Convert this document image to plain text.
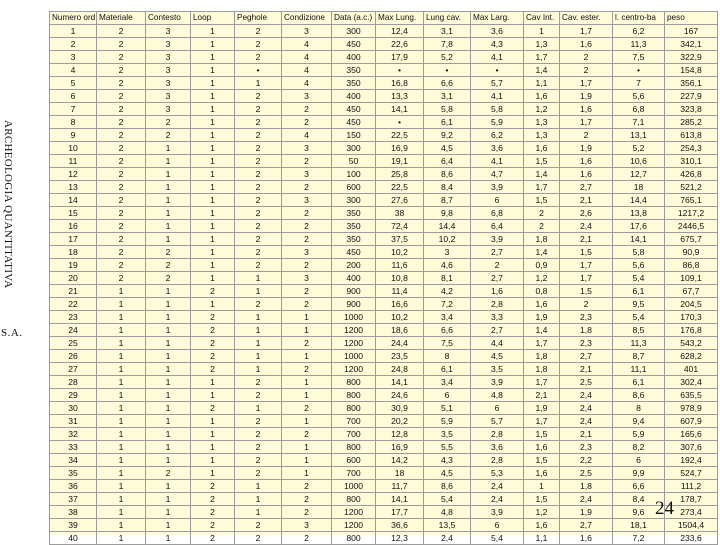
ARCHEOLOGIA QUANTITATIVA
S.A.
Numero ord	Materiale	Contesto	Loop	Peghole	Condizione	Data (a.c.)	Max Lung.	Lung cav.	Max Larg.	Cav Int.	Cav. ester.	l. centro-ba	peso
1	2	3	1	2	3	300	12,4	3,1	3,6	1	1,7	6,2	167
2	2	3	1	2	4	450	22,6	7,8	4,3	1,3	1,6	11,3	342,1
3	2	3	1	2	4	400	17,9	5,2	4,1	1,7	2	7,5	322,9
4	2	3	1	•	4	350	•	•	•	1,4	2	•	154,8
5	2	3	1	1	4	350	16,8	6,6	5,7	1,1	1,7	7	356,1
6	2	3	1	2	3	400	13,3	3,1	4,1	1,6	1,9	5,6	227,9
7	2	3	1	2	2	450	14,1	5,8	5,8	1,2	1,6	6,8	323,8
8	2	2	1	2	2	450	•	6,1	5,9	1,3	1,7	7,1	285,2
9	2	2	1	2	4	150	22,5	9,2	6,2	1,3	2	13,1	613,8
10	2	1	1	2	3	300	16,9	4,5	3,6	1,6	1,9	5,2	254,3
11	2	1	1	2	2	50	19,1	6,4	4,1	1,5	1,6	10,6	310,1
12	2	1	1	2	3	100	25,8	8,6	4,7	1,4	1,6	12,7	426,8
13	2	1	1	2	2	600	22,5	8,4	3,9	1,7	2,7	18	521,2
14	2	1	1	2	3	300	27,6	8,7	6	1,5	2,1	14,4	765,1
15	2	1	1	2	2	350	38	9,8	6,8	2	2,6	13,8	1217,2
16	2	1	1	2	2	350	72,4	14,4	6,4	2	2,4	17,6	2446,5
17	2	1	1	2	2	350	37,5	10,2	3,9	1,8	2,1	14,1	675,7
18	2	2	1	2	3	450	10,2	3	2,7	1,4	1,5	5,8	90,9
19	2	2	1	2	2	200	11,6	4,6	2	0,9	1,7	5,6	86,8
20	2	2	1	1	3	400	10,8	8,1	2,7	1,2	1,7	5,4	109,1
21	1	1	2	1	2	900	11,4	4,2	1,6	0,8	1,5	6,1	67,7
22	1	1	1	2	2	900	16,6	7,2	2,8	1,6	2	9,5	204,5
23	1	1	2	1	1	1000	10,2	3,4	3,3	1,9	2,3	5,4	170,3
24	1	1	2	1	1	1200	18,6	6,6	2,7	1,4	1,8	8,5	176,8
25	1	1	2	1	2	1200	24,4	7,5	4,4	1,7	2,3	11,3	543,2
26	1	1	2	1	1	1000	23,5	8	4,5	1,8	2,7	8,7	628,2
27	1	1	2	1	2	1200	24,8	6,1	3,5	1,8	2,1	11,1	401
28	1	1	1	2	1	800	14,1	3,4	3,9	1,7	2,5	6,1	302,4
29	1	1	1	2	1	800	24,6	6	4,8	2,1	2,4	8,6	635,5
30	1	1	2	1	2	800	30,9	5,1	6	1,9	2,4	8	978,9
31	1	1	1	2	1	700	20,2	5,9	5,7	1,7	2,4	9,4	607,9
32	1	1	1	2	2	700	12,8	3,5	2,8	1,5	2,1	5,9	165,6
33	1	1	1	2	1	800	16,9	5,5	3,6	1,6	2,3	8,2	307,6
34	1	1	1	2	1	600	14,2	4,3	2,8	1,5	2,2	6	192,4
35	1	2	1	2	1	700	18	4,5	5,3	1,6	2,5	9,9	524,7
36	1	1	2	1	2	1000	11,7	8,6	2,4	1	1,8	6,6	111,2
37	1	1	2	1	2	800	14,1	5,4	2,4	1,5	2,4	8,4	178,7
38	1	1	2	1	2	1200	17,7	4,8	3,9	1,2	1,9	9,6	273,4
39	1	1	2	2	3	1200	36,6	13,5	6	1,6	2,7	18,1	1504,4
40	1	1	2	2	2	800	12,3	2,4	5,4	1,1	1,6	7,2	233,6
24
